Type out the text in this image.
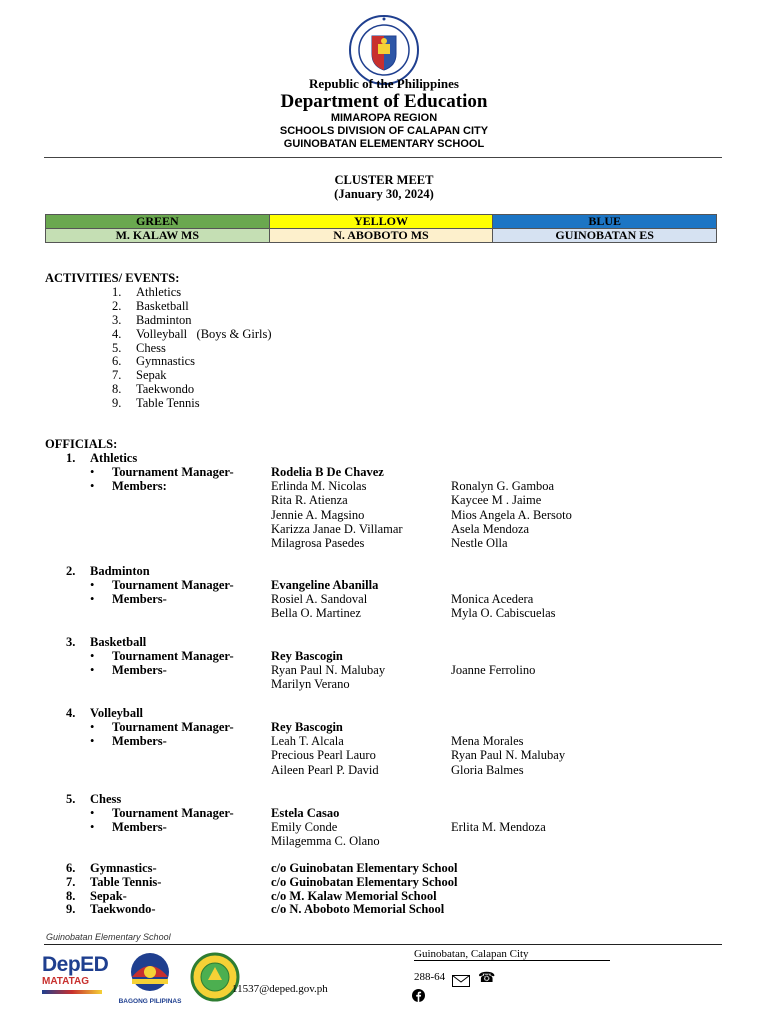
Republic of the Philippines
Department of Education
MIMAROPA REGION
SCHOOLS DIVISION OF CALAPAN CITY
GUINOBATAN ELEMENTARY SCHOOL
CLUSTER MEET
(January 30, 2024)
GREEN	YELLOW	BLUE
M. KALAW MS	N. ABOBOTO MS	GUINOBATAN ES
ACTIVITIES/ EVENTS:
1. Athletics
2. Basketball
3. Badminton
4. Volleyball   (Boys & Girls)
5. Chess
6. Gymnastics
7. Sepak
8. Taekwondo
9. Table Tennis
OFFICIALS:
1. Athletics
• Tournament Manager-	Rodelia B De Chavez
• Members:	Erlinda M. Nicolas	Ronalyn G. Gamboa
Rita R. Atienza	Kaycee M . Jaime
Jennie A. Magsino	Mios Angela A. Bersoto
Karizza Janae D. Villamar	Asela Mendoza
Milagrosa Pasedes	Nestle Olla
2. Badminton
• Tournament Manager-	Evangeline Abanilla
• Members-	Rosiel A. Sandoval	Monica Acedera
Bella O. Martinez	Myla O. Cabiscuelas
3. Basketball
• Tournament Manager-	Rey Bascogin
• Members-	Ryan Paul N. Malubay	Joanne Ferrolino
Marilyn Verano
4. Volleyball
• Tournament Manager-	Rey Bascogin
• Members-	Leah T. Alcala	Mena Morales
Precious Pearl Lauro	Ryan Paul N. Malubay
Aileen Pearl P. David	Gloria Balmes
5. Chess
• Tournament Manager-	Estela Casao
• Members-	Emily Conde	Erlita M. Mendoza
Milagemma C. Olano
6. Gymnastics-	c/o Guinobatan Elementary School
7. Table Tennis-	c/o Guinobatan Elementary School
8. Sepak-	c/o M. Kalaw Memorial School
9. Taekwondo-	c/o N. Aboboto Memorial School
Guinobatan Elementary School
DepED
MATATAG
BAGONG PILIPINAS
Guinobatan, Calapan City
288-64 ☎
11537@deped.gov.ph
